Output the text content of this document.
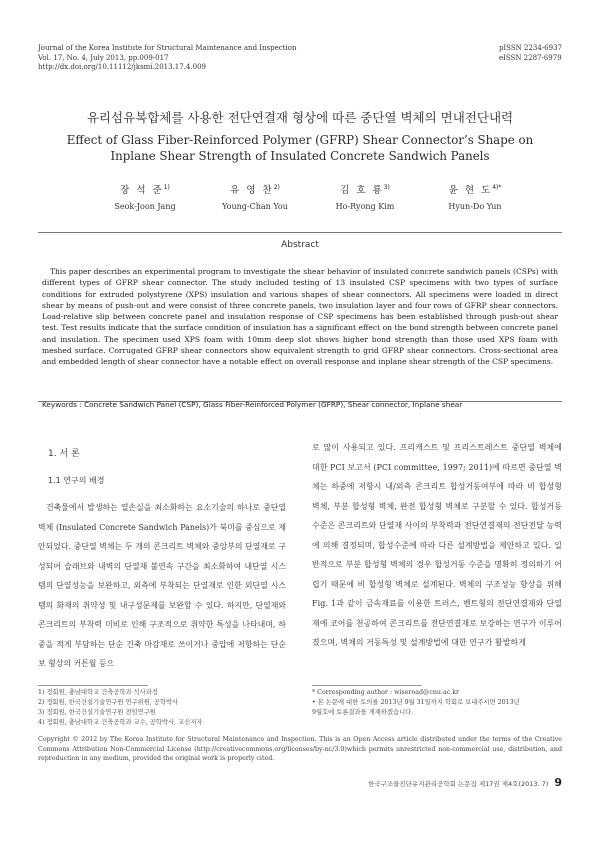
Journal of the Korea Institute for Structural Maintenance and Inspection
Vol. 17, No. 4, July 2013, pp.009-017
http://dx.doi.org/10.11112/jksmi.2013.17.4.009
pISSN 2234-6937
eISSN 2287-6979
유리섬유복합체를 사용한 전단연결재 형상에 따른 중단열 벽체의 면내전단내력
Effect of Glass Fiber-Reinforced Polymer (GFRP) Shear Connector’s Shape on Inplane Shear Strength of Insulated Concrete Sandwich Panels
장 석 준$^{1)}$
Seok-Joon Jang
유 영 찬$^{2)}$
Young-Chan You
김 호 룡$^{3)}$
Ho-Ryong Kim
윤 현 도$^{4)*}$
Hyun-Do Yun
Abstract
This paper describes an experimental program to investigate the shear behavior of insulated concrete sandwich panels (CSPs) with different types of GFRP shear connector. The study included testing of 13 insulated CSP specimens with two types of surface conditions for extruded polystyrene (XPS) insulation and various shapes of shear connectors. All specimens were loaded in direct shear by means of push-out and were consist of three concrete panels, two insulation layer and four rows of GFRP shear connectors. Load-relative slip between concrete panel and insulation response of CSP specimens has been established through push-out shear test. Test results indicate that the surface condition of insulation has a significant effect on the bond strength between concrete panel and insulation. The specimen used XPS foam with 10mm deep slot shows higher bond strength than those used XPS foam with meshed surface. Corrugated GFRP shear connectors show equivalent strength to grid GFRP shear connectors. Cross-sectional area and embedded length of shear connector have a notable effect on overall response and inplane shear strength of the CSP specimens.
Keywords : Concrete Sandwich Panel (CSP), Glass Fiber-Reinforced Polymer (GFRP), Shear connector, Inplane shear
1. 서 론
1.1 연구의 배경
건축물에서 발생하는 열손실을 최소화하는 요소기술의 하나로 중단열 벽체 (Insulated Concrete Sandwich Panels)가 북미를 중심으로 제안되었다. 중단열 벽체는 두 개의 콘크리트 벽체와 중앙부의 단열재로 구성되어 슬래브와 내벽의 단열재 불연속 구간을 최소화하여 내단열 시스템의 단열성능을 보완하고, 외측에 부착되는 단열재로 인한 외단열 시스템의 화재의 취약성 및 내구성문제를 보완할 수 있다. 하지만, 단열재와 콘크리트의 부착력 미비로 인해 구조적으로 취약한 특성을 나타내며, 하중을 적게 부담하는 단순 건축 마감재로 쓰이거나 중압에 저항하는 단순 보 형상의 커튼월 등으
로 많이 사용되고 있다. 프리캐스트 및 프리스트레스트 중단열 벽체에 대한 PCI 보고서 (PCI committee, 1997; 2011)에 따르면 중단열 벽체는 하중에 저항시 내/외측 콘크리트 합성거동여부에 따라 비 합성형 벽체, 부분 합성형 벽체, 완전 합성형 벽체로 구분할 수 있다. 합성거동 수준은 콘크리트와 단열재 사이의 부착력과 전단연결재의 전단전달 능력에 의해 결정되며, 합성수준에 따라 다른 설계방법을 제안하고 있다. 일반적으로 부분 합성형 벽체의 경우 합성거동 수준을 명확히 정의하기 어렵기 때문에 비 합성형 벽체로 설계된다. 벽체의 구조성능 향상을 위해 Fig. 1과 같이 금속재료를 이용한 트러스, 벤트형의 전단연결재와 단열재에 코어를 천공하여 콘크리트를 전단연결재로 보강하는 연구가 이루어졌으며, 벽체의 거동특성 및 설계방법에 대한 연구가 활발하게
Copyright © 2012 by The Korea Institute for Structural Maintenance and Inspection. This is an Open Access article distributed under the terms of the Creative Commons Attribution Non-Commercial License (http://creativecommons.org/licenses/by-nc/3.0)which permits unrestricted non-commercial use, distribution, and reproduction in any medium, provided the original work is properly cited.
1) 정회원, 충남대학교 건축공학과 석사과정
2) 정회원, 한국건설기술연구원 연구위원, 공학박사
3) 정회원, 한국건설기술연구원 전임연구원
4) 정회원, 충남대학교 건축공학과 교수, 공학박사, 교신저자
* Corresponding author : wiseroad@cnu.ac.kr
• 본 논문에 대한 토의를 2013년 9월 31일까지 학회로 보내주시면 2013년
9월호에 토론결과를 게재하겠습니다.
한국구조물진단유지관리공학회 논문집 제17권 제4호(2013. 7) 9
